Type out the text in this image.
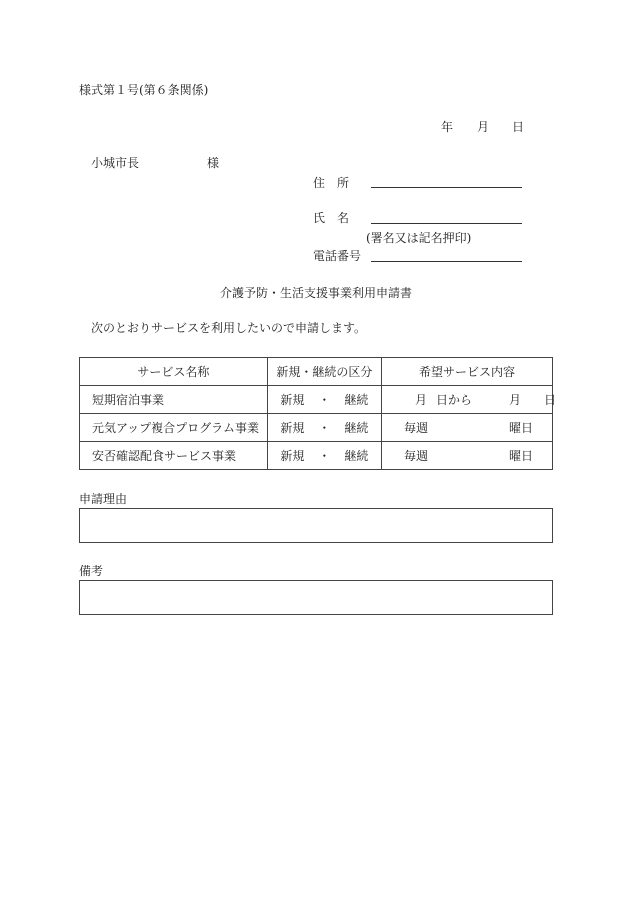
様式第１号(第６条関係)
年 月 日
小城市長	様
住　所
氏　名
(署名又は記名押印)
電話番号
介護予防・生活支援事業利用申請書
次のとおりサービスを利用したいので申請します。
サービス名称	新規・継続の区分	希望サービス内容
短期宿泊事業	新規 ・ 継続	月 日から 月 日

元気アップ複合プログラム事業	新規 ・ 継続	毎週 曜日

安否確認配食サービス事業	新規 ・ 継続	毎週 曜日
申請理由
備考
